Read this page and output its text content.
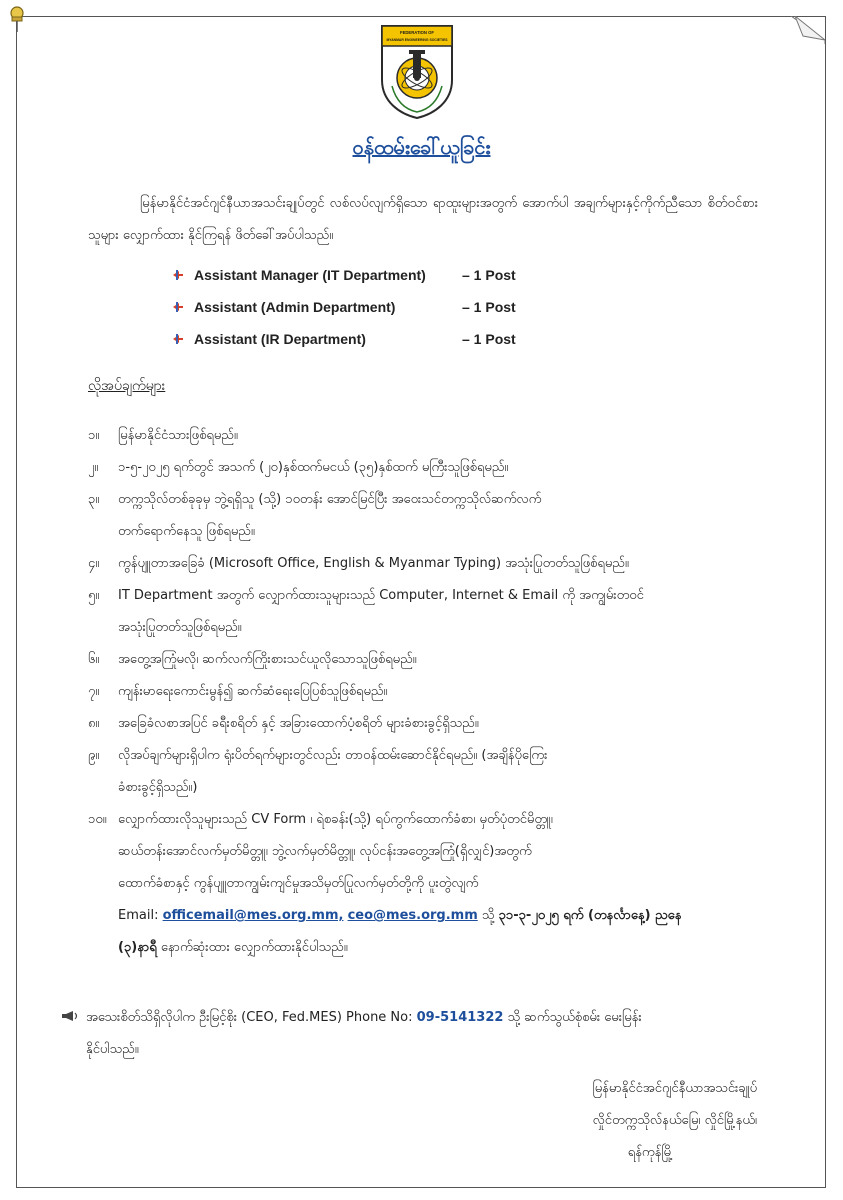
FEDERATION OF
MYANMAR ENGINEERING SOCIETIES
ဝန်ထမ်းခေါ်ယူခြင်း
မြန်မာနိုင်ငံအင်ဂျင်နီယာအသင်းချုပ်တွင် လစ်လပ်လျက်ရှိသော ရာထူးများအတွက် အောက်ပါ အချက်များနှင့်ကိုက်ညီသော စိတ်ဝင်စားသူများ လျှောက်ထား နိုင်ကြရန် ဖိတ်ခေါ်အပ်ပါသည်။
Assistant Manager (IT Department)	– 1 Post
Assistant (Admin Department)	– 1 Post
Assistant (IR Department)	– 1 Post
လိုအပ်ချက်များ
၁။ မြန်မာနိုင်ငံသားဖြစ်ရမည်။
၂။ ၁-၅-၂၀၂၅ ရက်တွင် အသက် (၂၀)နှစ်ထက်မငယ် (၃၅)နှစ်ထက် မကြီးသူဖြစ်ရမည်။
၃။ တက္ကသိုလ်တစ်ခုခုမှ ဘွဲ့ရရှိသူ (သို့) ၁၀တန်း အောင်မြင်ပြီး အဝေးသင်တက္ကသိုလ်ဆက်လက်
တက်ရောက်နေသူ ဖြစ်ရမည်။
၄။ ကွန်ပျူတာအခြေခံ (Microsoft Office, English & Myanmar Typing) အသုံးပြုတတ်သူဖြစ်ရမည်။
၅။ IT Department အတွက် လျှောက်ထားသူများသည် Computer, Internet & Email ကို အကျွမ်းတဝင်
အသုံးပြုတတ်သူဖြစ်ရမည်။
၆။ အတွေ့အကြုံမလို၊ ဆက်လက်ကြိုးစားသင်ယူလိုသောသူဖြစ်ရမည်။
၇။ ကျန်းမာရေးကောင်းမွန်၍ ဆက်ဆံရေးပြေပြစ်သူဖြစ်ရမည်။
၈။ အခြေခံလစာအပြင် ခရီးစရိတ် နှင့် အခြားထောက်ပံ့စရိတ် များခံစားခွင့်ရှိသည်။
၉။ လိုအပ်ချက်များရှိပါက ရုံးပိတ်ရက်များတွင်လည်း တာဝန်ထမ်းဆောင်နိုင်ရမည်။ (အချိန်ပိုကြေး
ခံစားခွင့်ရှိသည်။)
၁၀။ လျှောက်ထားလိုသူများသည် CV Form ၊ ရဲစခန်း(သို့) ရပ်ကွက်ထောက်ခံစာ၊ မှတ်ပုံတင်မိတ္တူ၊
ဆယ်တန်းအောင်လက်မှတ်မိတ္တူ၊ ဘွဲ့လက်မှတ်မိတ္တူ၊ လုပ်ငန်းအတွေ့အကြုံ(ရှိလျှင်)အတွက်
ထောက်ခံစာနှင့် ကွန်ပျူတာကျွမ်းကျင်မှုအသိမှတ်ပြုလက်မှတ်တို့ကို ပူးတွဲလျက်
Email: officemail@mes.org.mm, ceo@mes.org.mm သို့ ၃၁-၃-၂၀၂၅ ရက် (တနင်္လာနေ့) ညနေ
(၃)နာရီ နောက်ဆုံးထား လျှောက်ထားနိုင်ပါသည်။
အသေးစိတ်သိရှိလိုပါက ဦးမြင့်စိုး (CEO, Fed.MES) Phone No: 09-5141322 သို့ ဆက်သွယ်စုံစမ်း မေးမြန်း
နိုင်ပါသည်။
မြန်မာနိုင်ငံအင်ဂျင်နီယာအသင်းချုပ်
လှိုင်တက္ကသိုလ်နယ်မြေ၊ လှိုင်မြို့နယ်၊
ရန်ကုန်မြို့
